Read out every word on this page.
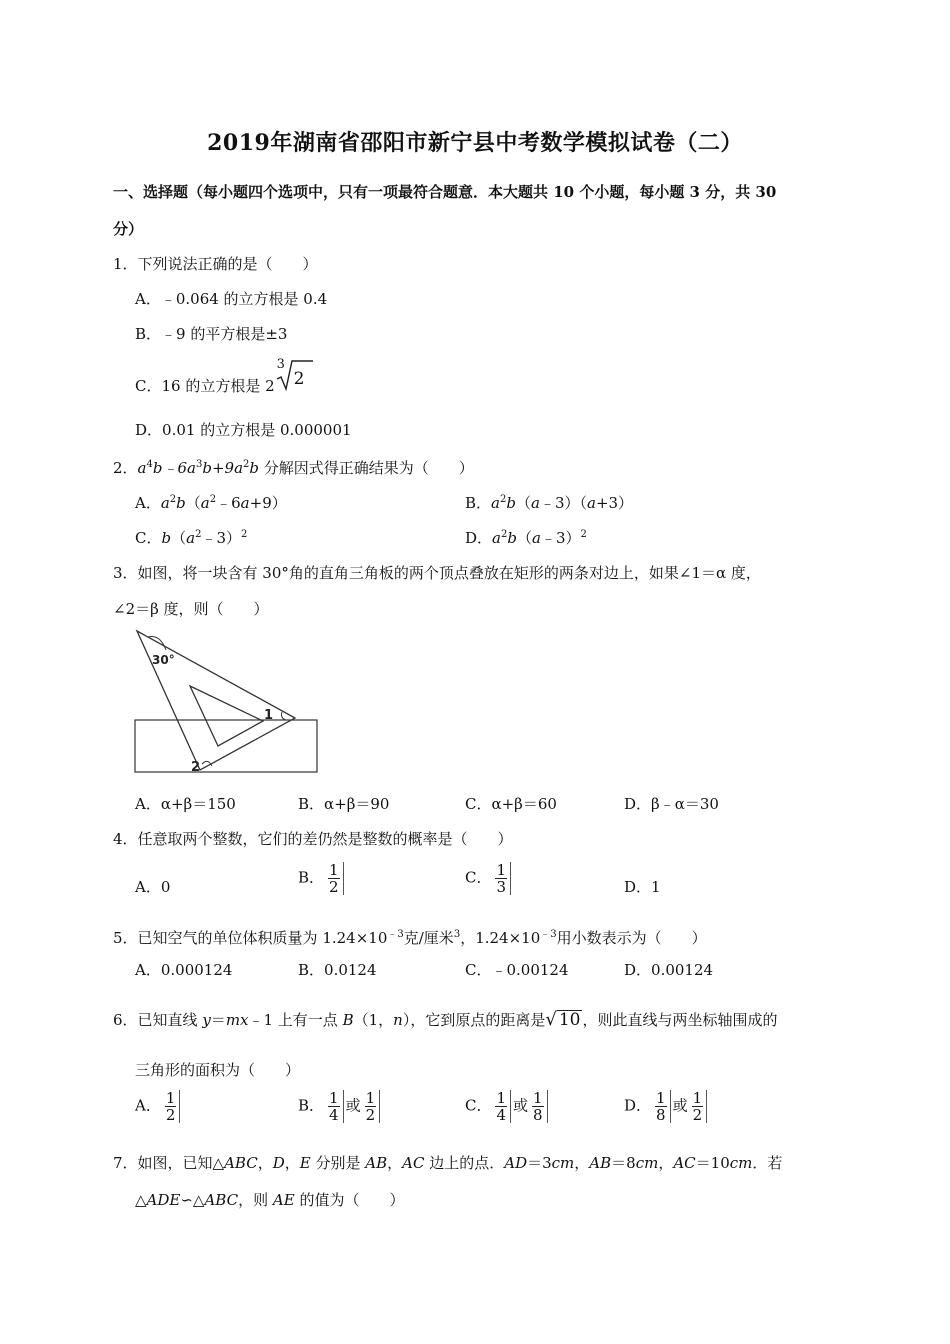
2019年湖南省邵阳市新宁县中考数学模拟试卷（二）
一、选择题（每小题四个选项中，只有一项最符合题意．本大题共 10 个小题，每小题 3 分，共 30
分）
1．下列说法正确的是（　　）
A．﹣0.064 的立方根是 0.4
B．﹣9 的平方根是±3
C．16 的立方根是 2
3
2
D．0.01 的立方根是 0.000001
2．$a^4b﹣6a^3b+9a^2b$ 分解因式得正确结果为（　　）
A．$a^2b(a^2﹣6a+9)$	B．$a^2b(a﹣3)(a+3)$
C．$b(a^2﹣3)^2$	D．$a^2b(a﹣3)^2$
3．如图，将一块含有 30°角的直角三角板的两个顶点叠放在矩形的两条对边上，如果∠1＝α 度，
∠2＝β 度，则（　　）
30°
1
2
A．α+β＝150	B．α+β＝90	C．α+β＝60	D．β﹣α＝30
4．任意取两个整数，它们的差仍然是整数的概率是（　　）
A．0
B． $\frac{1}{2}$	C． $\frac{1}{3}$	D．1
5．已知空气的单位体积质量为 $1.24\times 10^{﹣3}$克/厘米$^3$，$1.24\times 10^{﹣3}$用小数表示为（　　）
A．0.000124	B．0.0124	C．﹣0.00124	D．0.00124
6．已知直线 y＝mx﹣1 上有一点 B（1，n），它到原点的距离是√ 10 ，则此直线与两坐标轴围成的
三角形的面积为（　　）
A． $\frac{1}{2}$	B． $\frac{1}{4}$ 或 $\frac{1}{2}$	C． $\frac{1}{4}$ 或 $\frac{1}{8}$	D． $\frac{1}{8}$ 或 $\frac{1}{2}$
7．如图，已知△ABC，D，E 分别是 AB，AC 边上的点．AD＝3cm，AB＝8cm，AC＝10cm．若
△ADE∽△ABC，则 AE 的值为（　　）
